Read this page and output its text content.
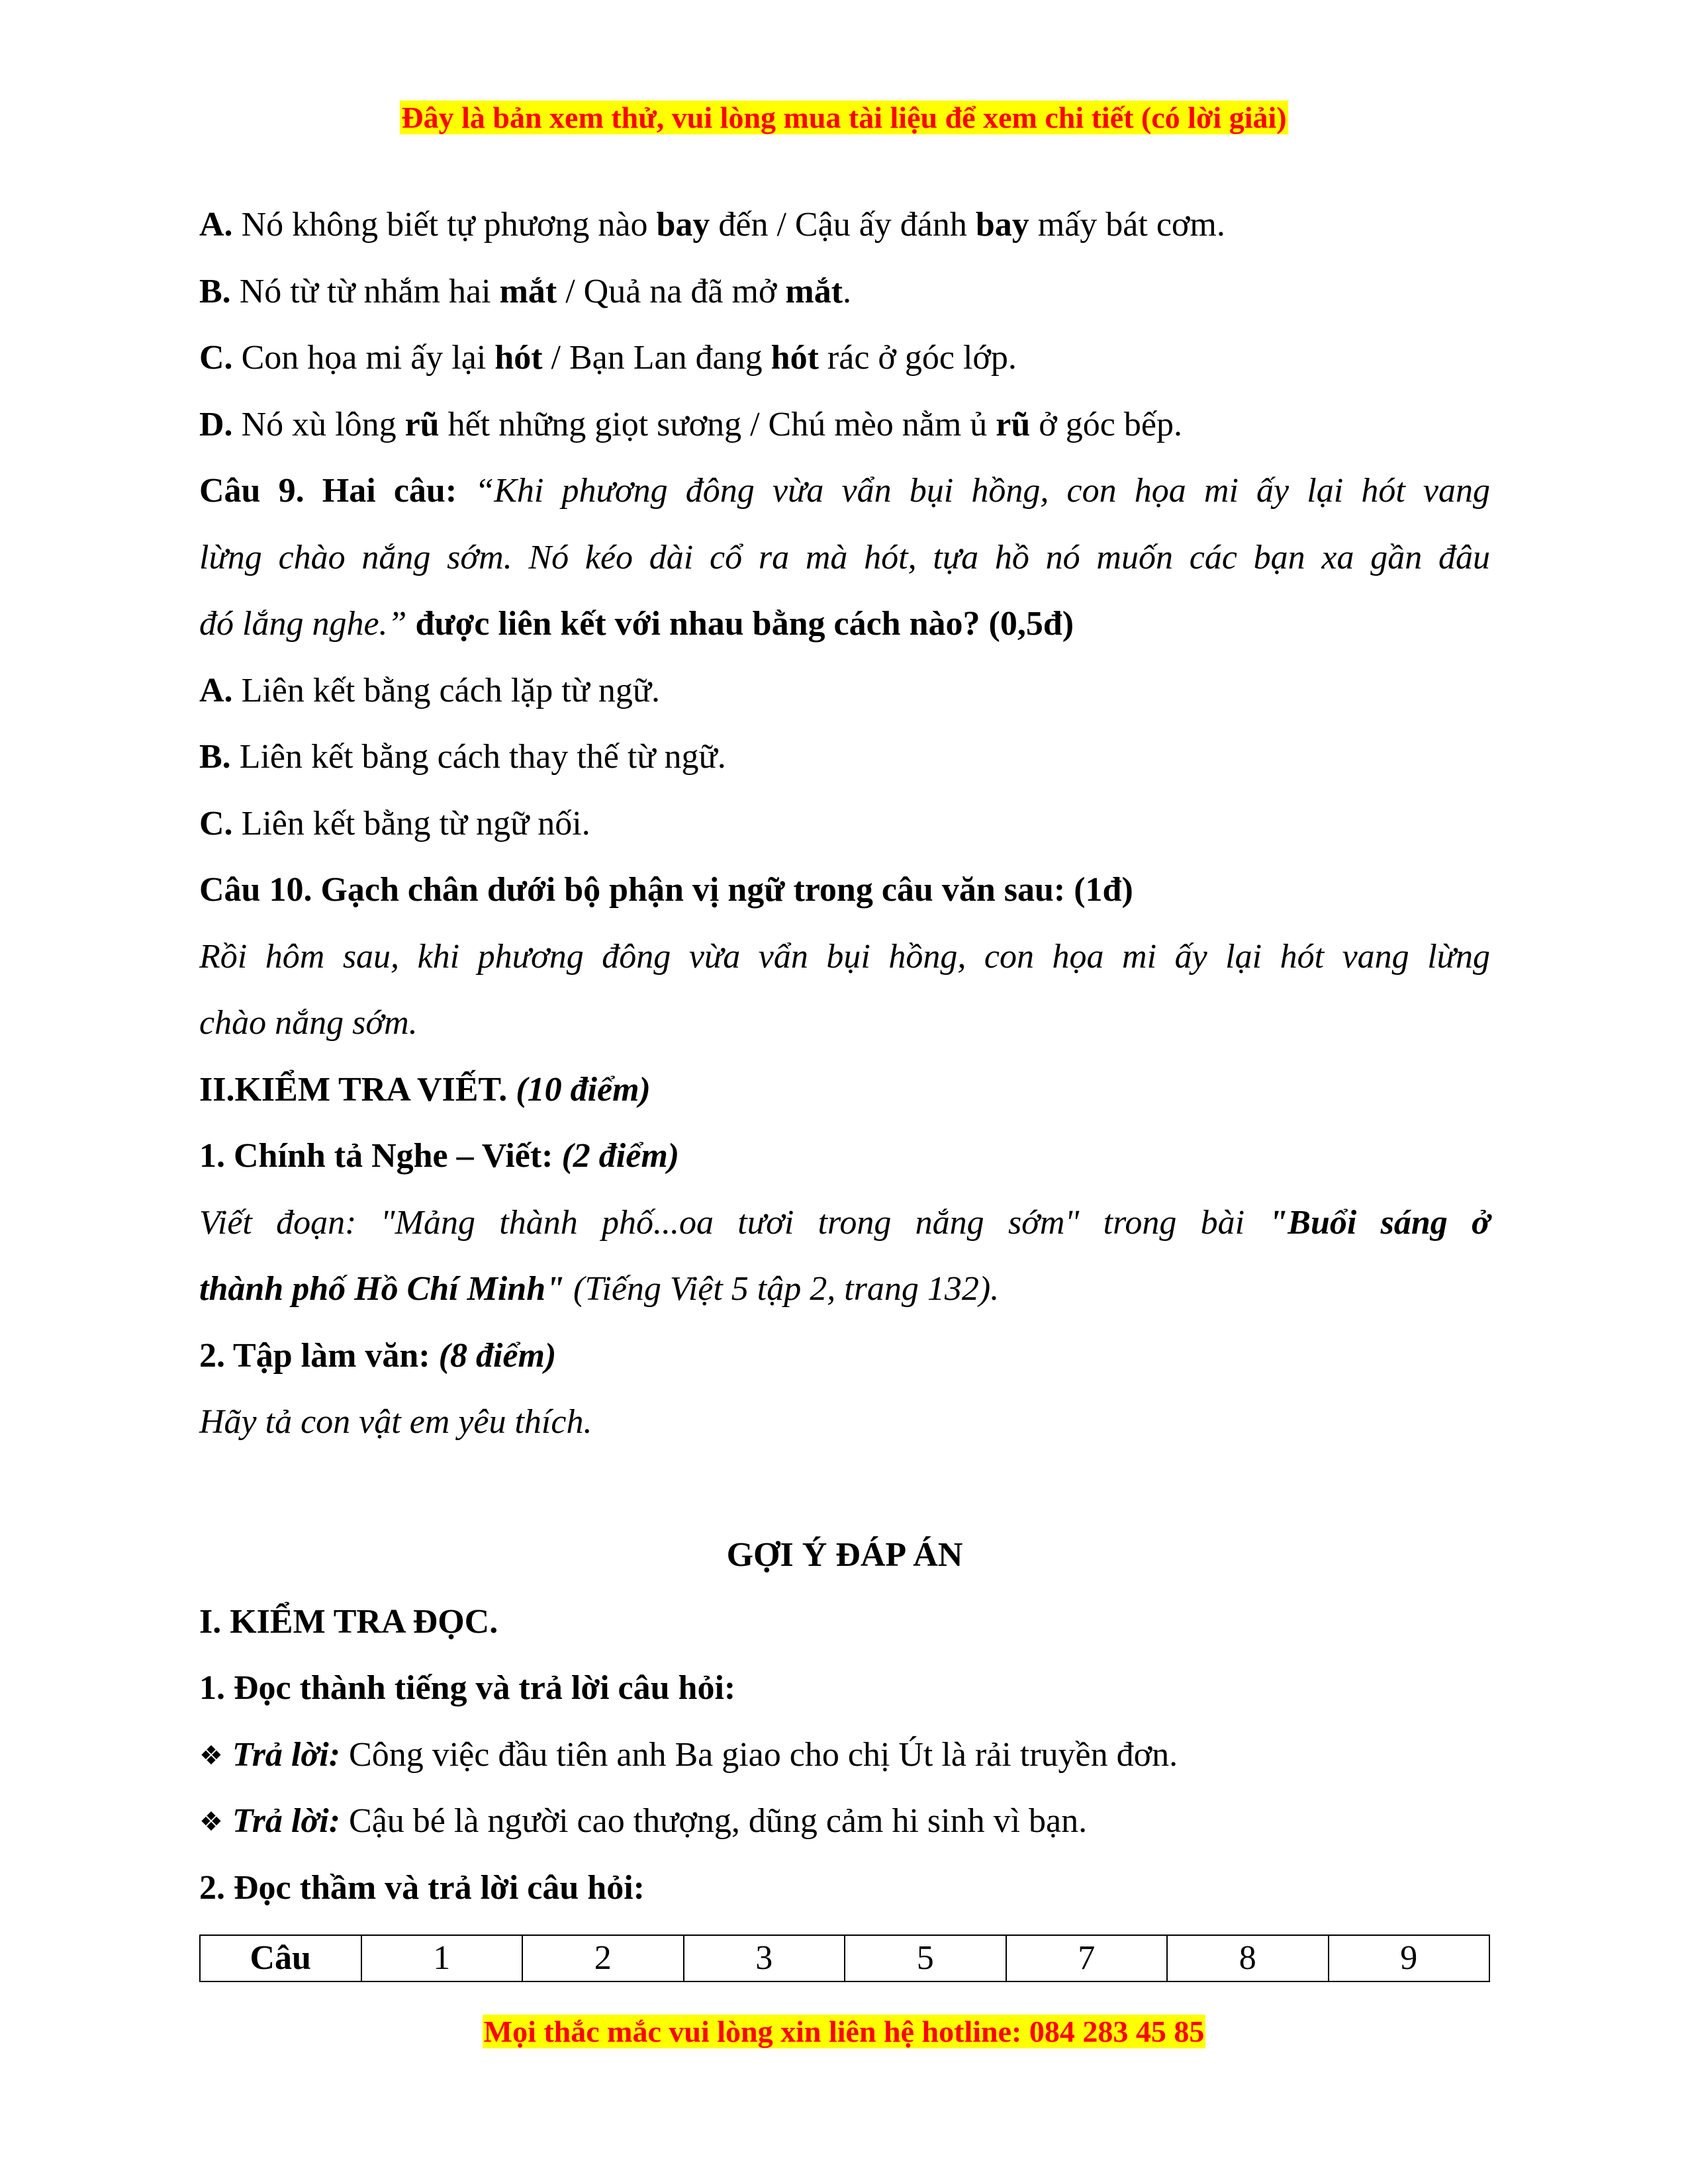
Đây là bản xem thử, vui lòng mua tài liệu để xem chi tiết (có lời giải)
A. Nó không biết tự phương nào bay đến / Cậu ấy đánh bay mấy bát cơm.
B. Nó từ từ nhắm hai mắt / Quả na đã mở mắt.
C. Con họa mi ấy lại hót / Bạn Lan đang hót rác ở góc lớp.
D. Nó xù lông rũ hết những giọt sương / Chú mèo nằm ủ rũ ở góc bếp.
Câu 9. Hai câu: “Khi phương đông vừa vẩn bụi hồng, con họa mi ấy lại hót vang
lừng chào nắng sớm. Nó kéo dài cổ ra mà hót, tựa hồ nó muốn các bạn xa gần đâu
đó lắng nghe.” được liên kết với nhau bằng cách nào? (0,5đ)
A. Liên kết bằng cách lặp từ ngữ.
B. Liên kết bằng cách thay thế từ ngữ.
C. Liên kết bằng từ ngữ nối.
Câu 10. Gạch chân dưới bộ phận vị ngữ trong câu văn sau: (1đ)
Rồi hôm sau, khi phương đông vừa vẩn bụi hồng, con họa mi ấy lại hót vang lừng
chào nắng sớm.
II.KIỂM TRA VIẾT. (10 điểm)
1. Chính tả Nghe – Viết: (2 điểm)
Viết đoạn: "Mảng thành phố...oa tươi trong nắng sớm" trong bài "Buổi sáng ở
thành phố Hồ Chí Minh" (Tiếng Việt 5 tập 2, trang 132).
2. Tập làm văn: (8 điểm)
Hãy tả con vật em yêu thích.
GỢI Ý ĐÁP ÁN
I. KIỂM TRA ĐỌC.
1. Đọc thành tiếng và trả lời câu hỏi:
❖ Trả lời: Công việc đầu tiên anh Ba giao cho chị Út là rải truyền đơn.
❖ Trả lời: Cậu bé là người cao thượng, dũng cảm hi sinh vì bạn.
2. Đọc thầm và trả lời câu hỏi:
Câu	1	2	3	5	7	8	9
Mọi thắc mắc vui lòng xin liên hệ hotline: 084 283 45 85
